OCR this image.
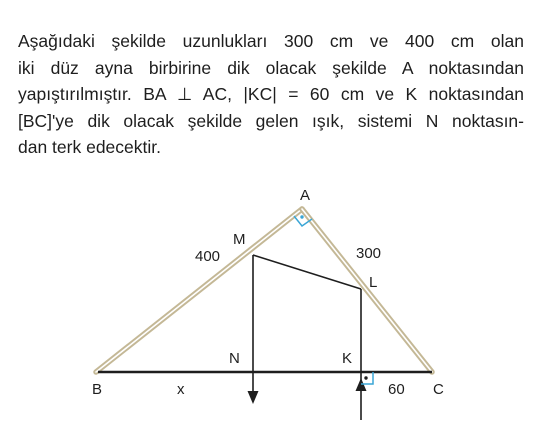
Aşağıdaki şekilde uzunlukları 300 cm ve 400 cm olan
iki düz ayna birbirine dik olacak şekilde A noktasından
yapıştırılmıştır. BA ⊥ AC, |KC| = 60 cm ve K noktasından
[BC]'ye dik olacak şekilde gelen ışık, sistemi N noktasın-
dan terk edecektir.
A
M
L
N	K
B	C
400	300
x	60
